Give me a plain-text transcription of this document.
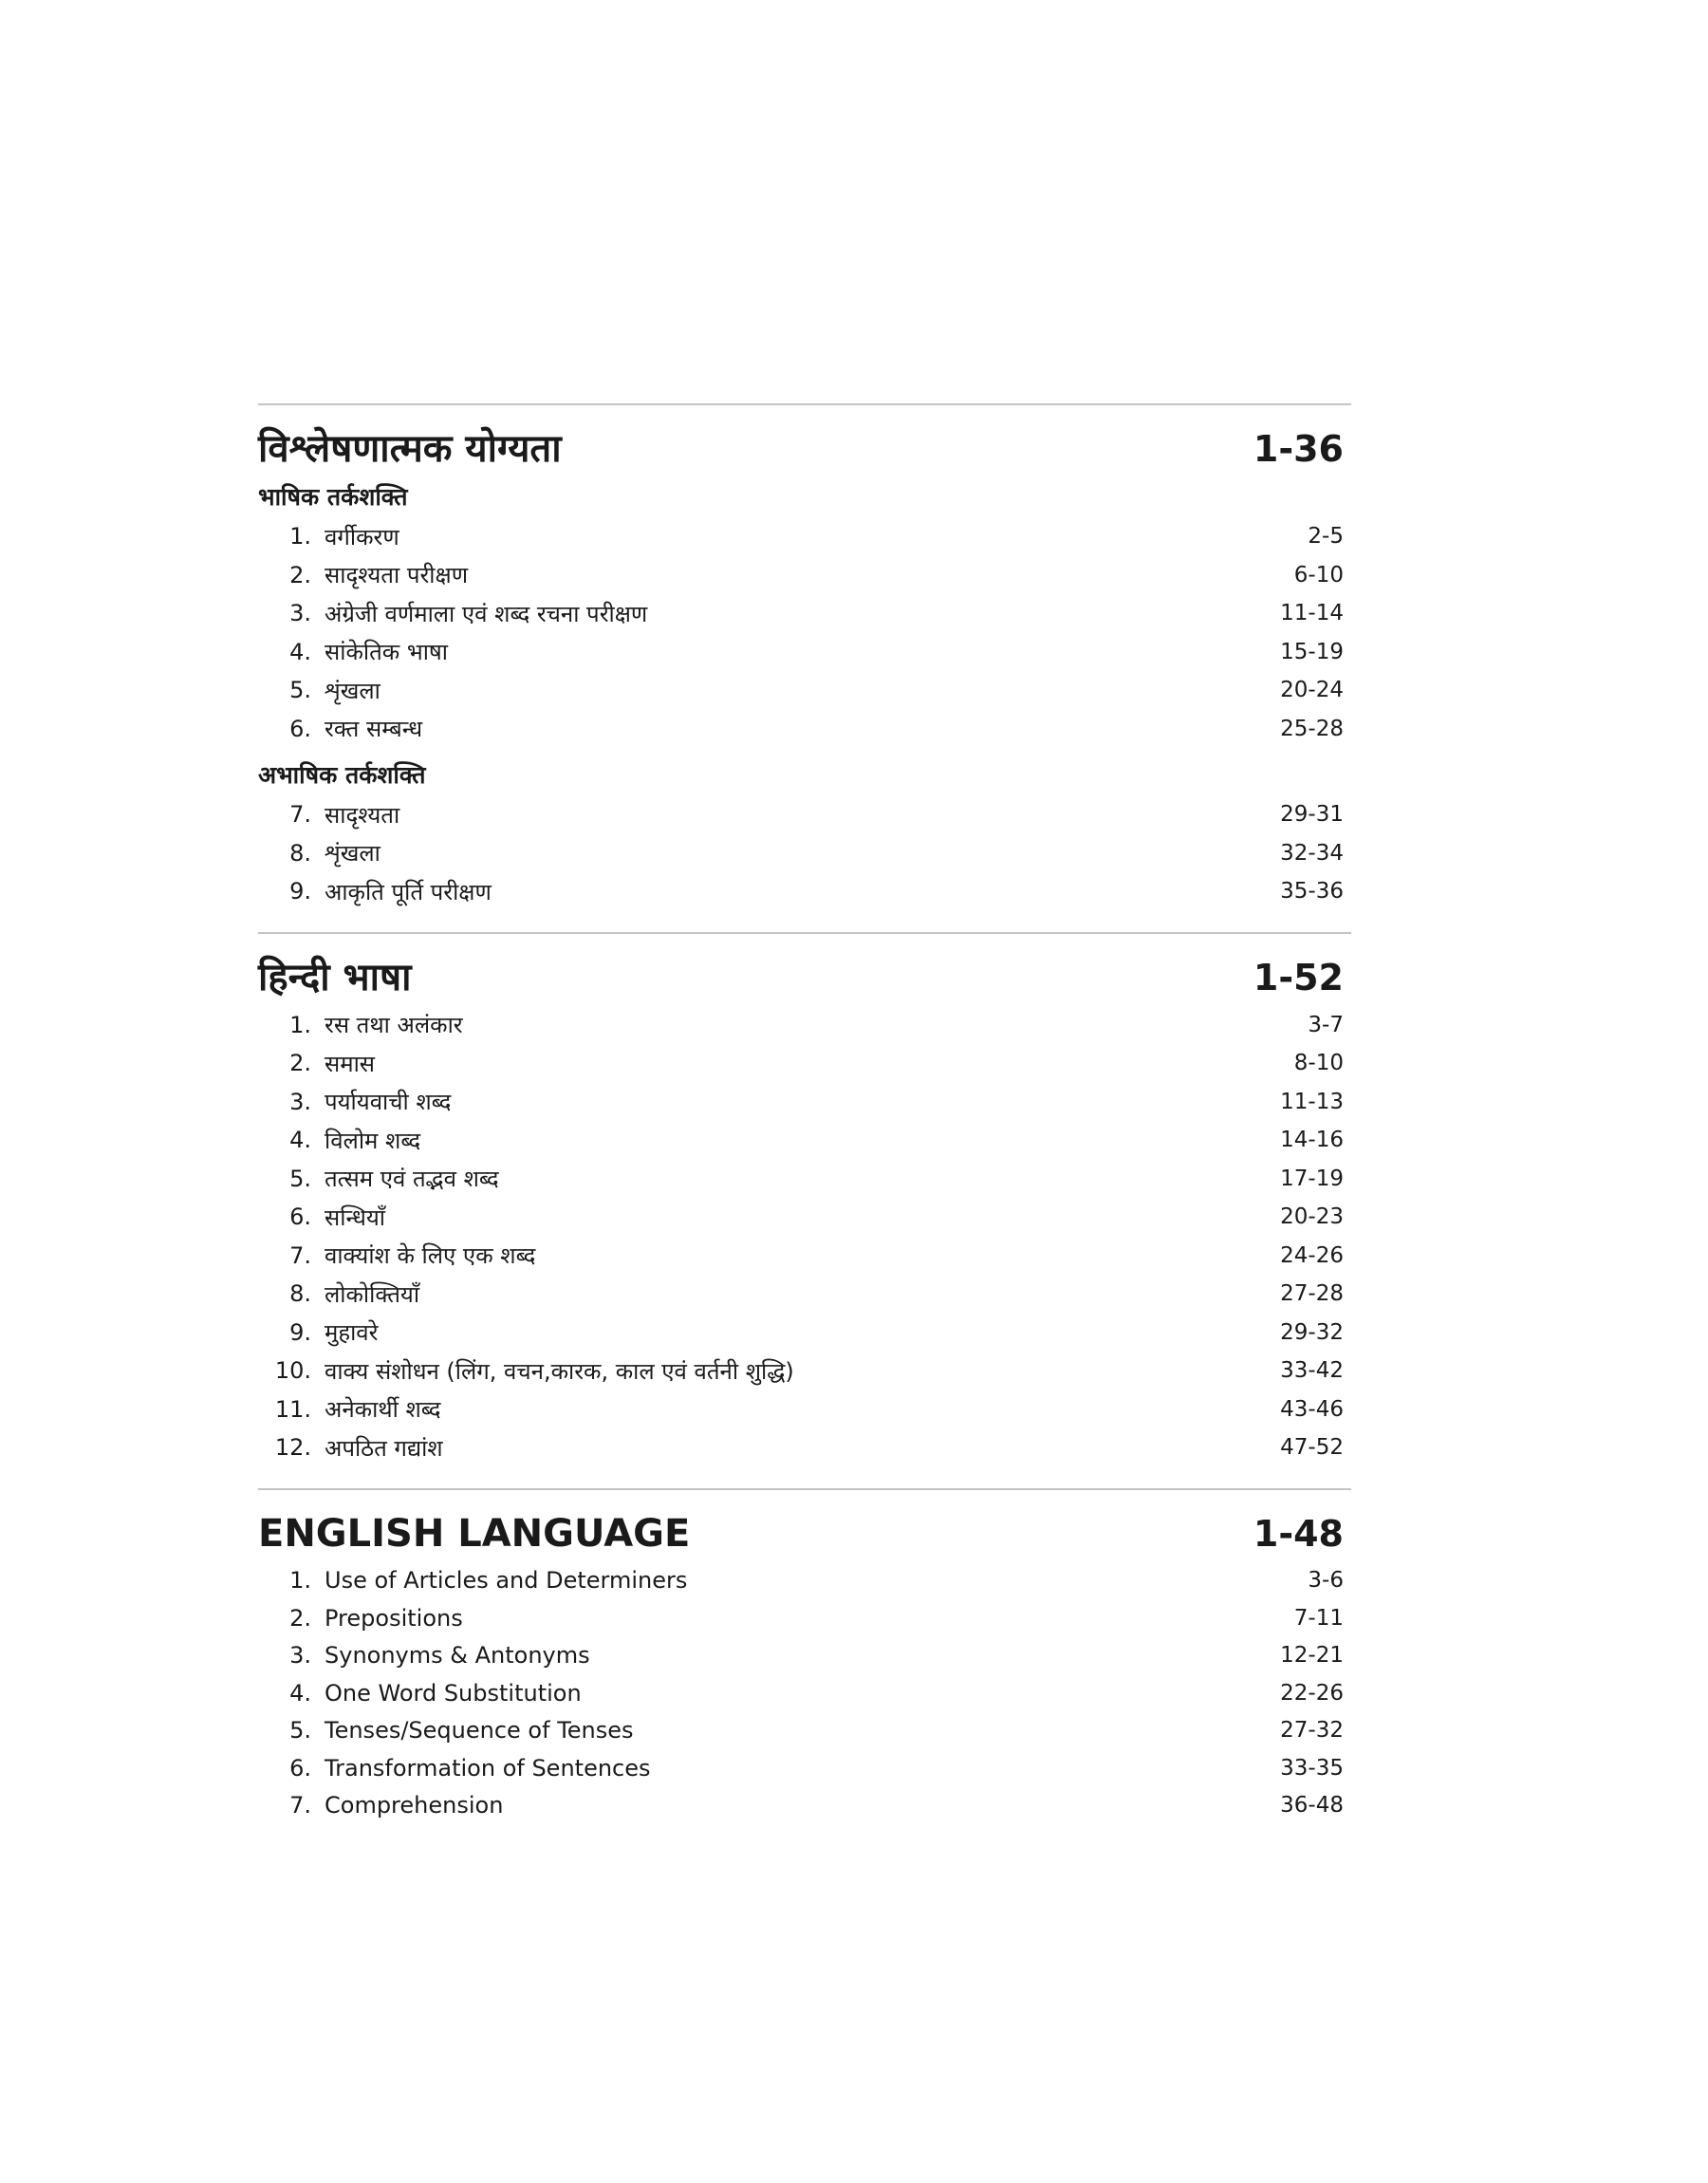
विश्लेषणात्मक योग्यता	1-36
भाषिक तर्कशक्ति
1. वर्गीकरण	2-5
2. सादृश्यता परीक्षण	6-10
3. अंग्रेजी वर्णमाला एवं शब्द रचना परीक्षण	11-14
4. सांकेतिक भाषा	15-19
5. शृंखला	20-24
6. रक्त सम्बन्ध	25-28
अभाषिक तर्कशक्ति
7. सादृश्यता	29-31
8. शृंखला	32-34
9. आकृति पूर्ति परीक्षण	35-36
हिन्दी भाषा	1-52
1. रस तथा अलंकार	3-7
2. समास	8-10
3. पर्यायवाची शब्द	11-13
4. विलोम शब्द	14-16
5. तत्सम एवं तद्भव शब्द	17-19
6. सन्धियाँ	20-23
7. वाक्यांश के लिए एक शब्द	24-26
8. लोकोक्तियाँ	27-28
9. मुहावरे	29-32
10. वाक्य संशोधन (लिंग, वचन,कारक, काल एवं वर्तनी शुद्धि)	33-42
11. अनेकार्थी शब्द	43-46
12. अपठित गद्यांश	47-52
ENGLISH LANGUAGE	1-48
1. Use of Articles and Determiners	3-6
2. Prepositions	7-11
3. Synonyms & Antonyms	12-21
4. One Word Substitution	22-26
5. Tenses/Sequence of Tenses	27-32
6. Transformation of Sentences	33-35
7. Comprehension	36-48
